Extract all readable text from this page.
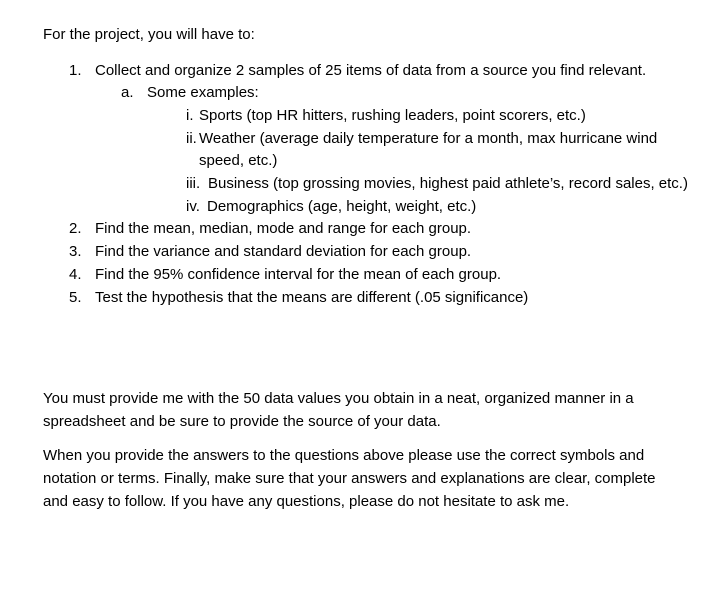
For the project, you will have to:
1. Collect and organize 2 samples of 25 items of data from a source you find relevant.
a. Some examples:
i. Sports (top HR hitters, rushing leaders, point scorers, etc.)
ii. Weather (average daily temperature for a month, max hurricane wind
speed, etc.)
iii. Business (top grossing movies, highest paid athlete’s, record sales, etc.)
iv. Demographics (age, height, weight, etc.)
2. Find the mean, median, mode and range for each group.
3. Find the variance and standard deviation for each group.
4. Find the 95% confidence interval for the mean of each group.
5. Test the hypothesis that the means are different (.05 significance)
You must provide me with the 50 data values you obtain in a neat, organized manner in a
spreadsheet and be sure to provide the source of your data.
When you provide the answers to the questions above please use the correct symbols and
notation or terms. Finally, make sure that your answers and explanations are clear, complete
and easy to follow. If you have any questions, please do not hesitate to ask me.
